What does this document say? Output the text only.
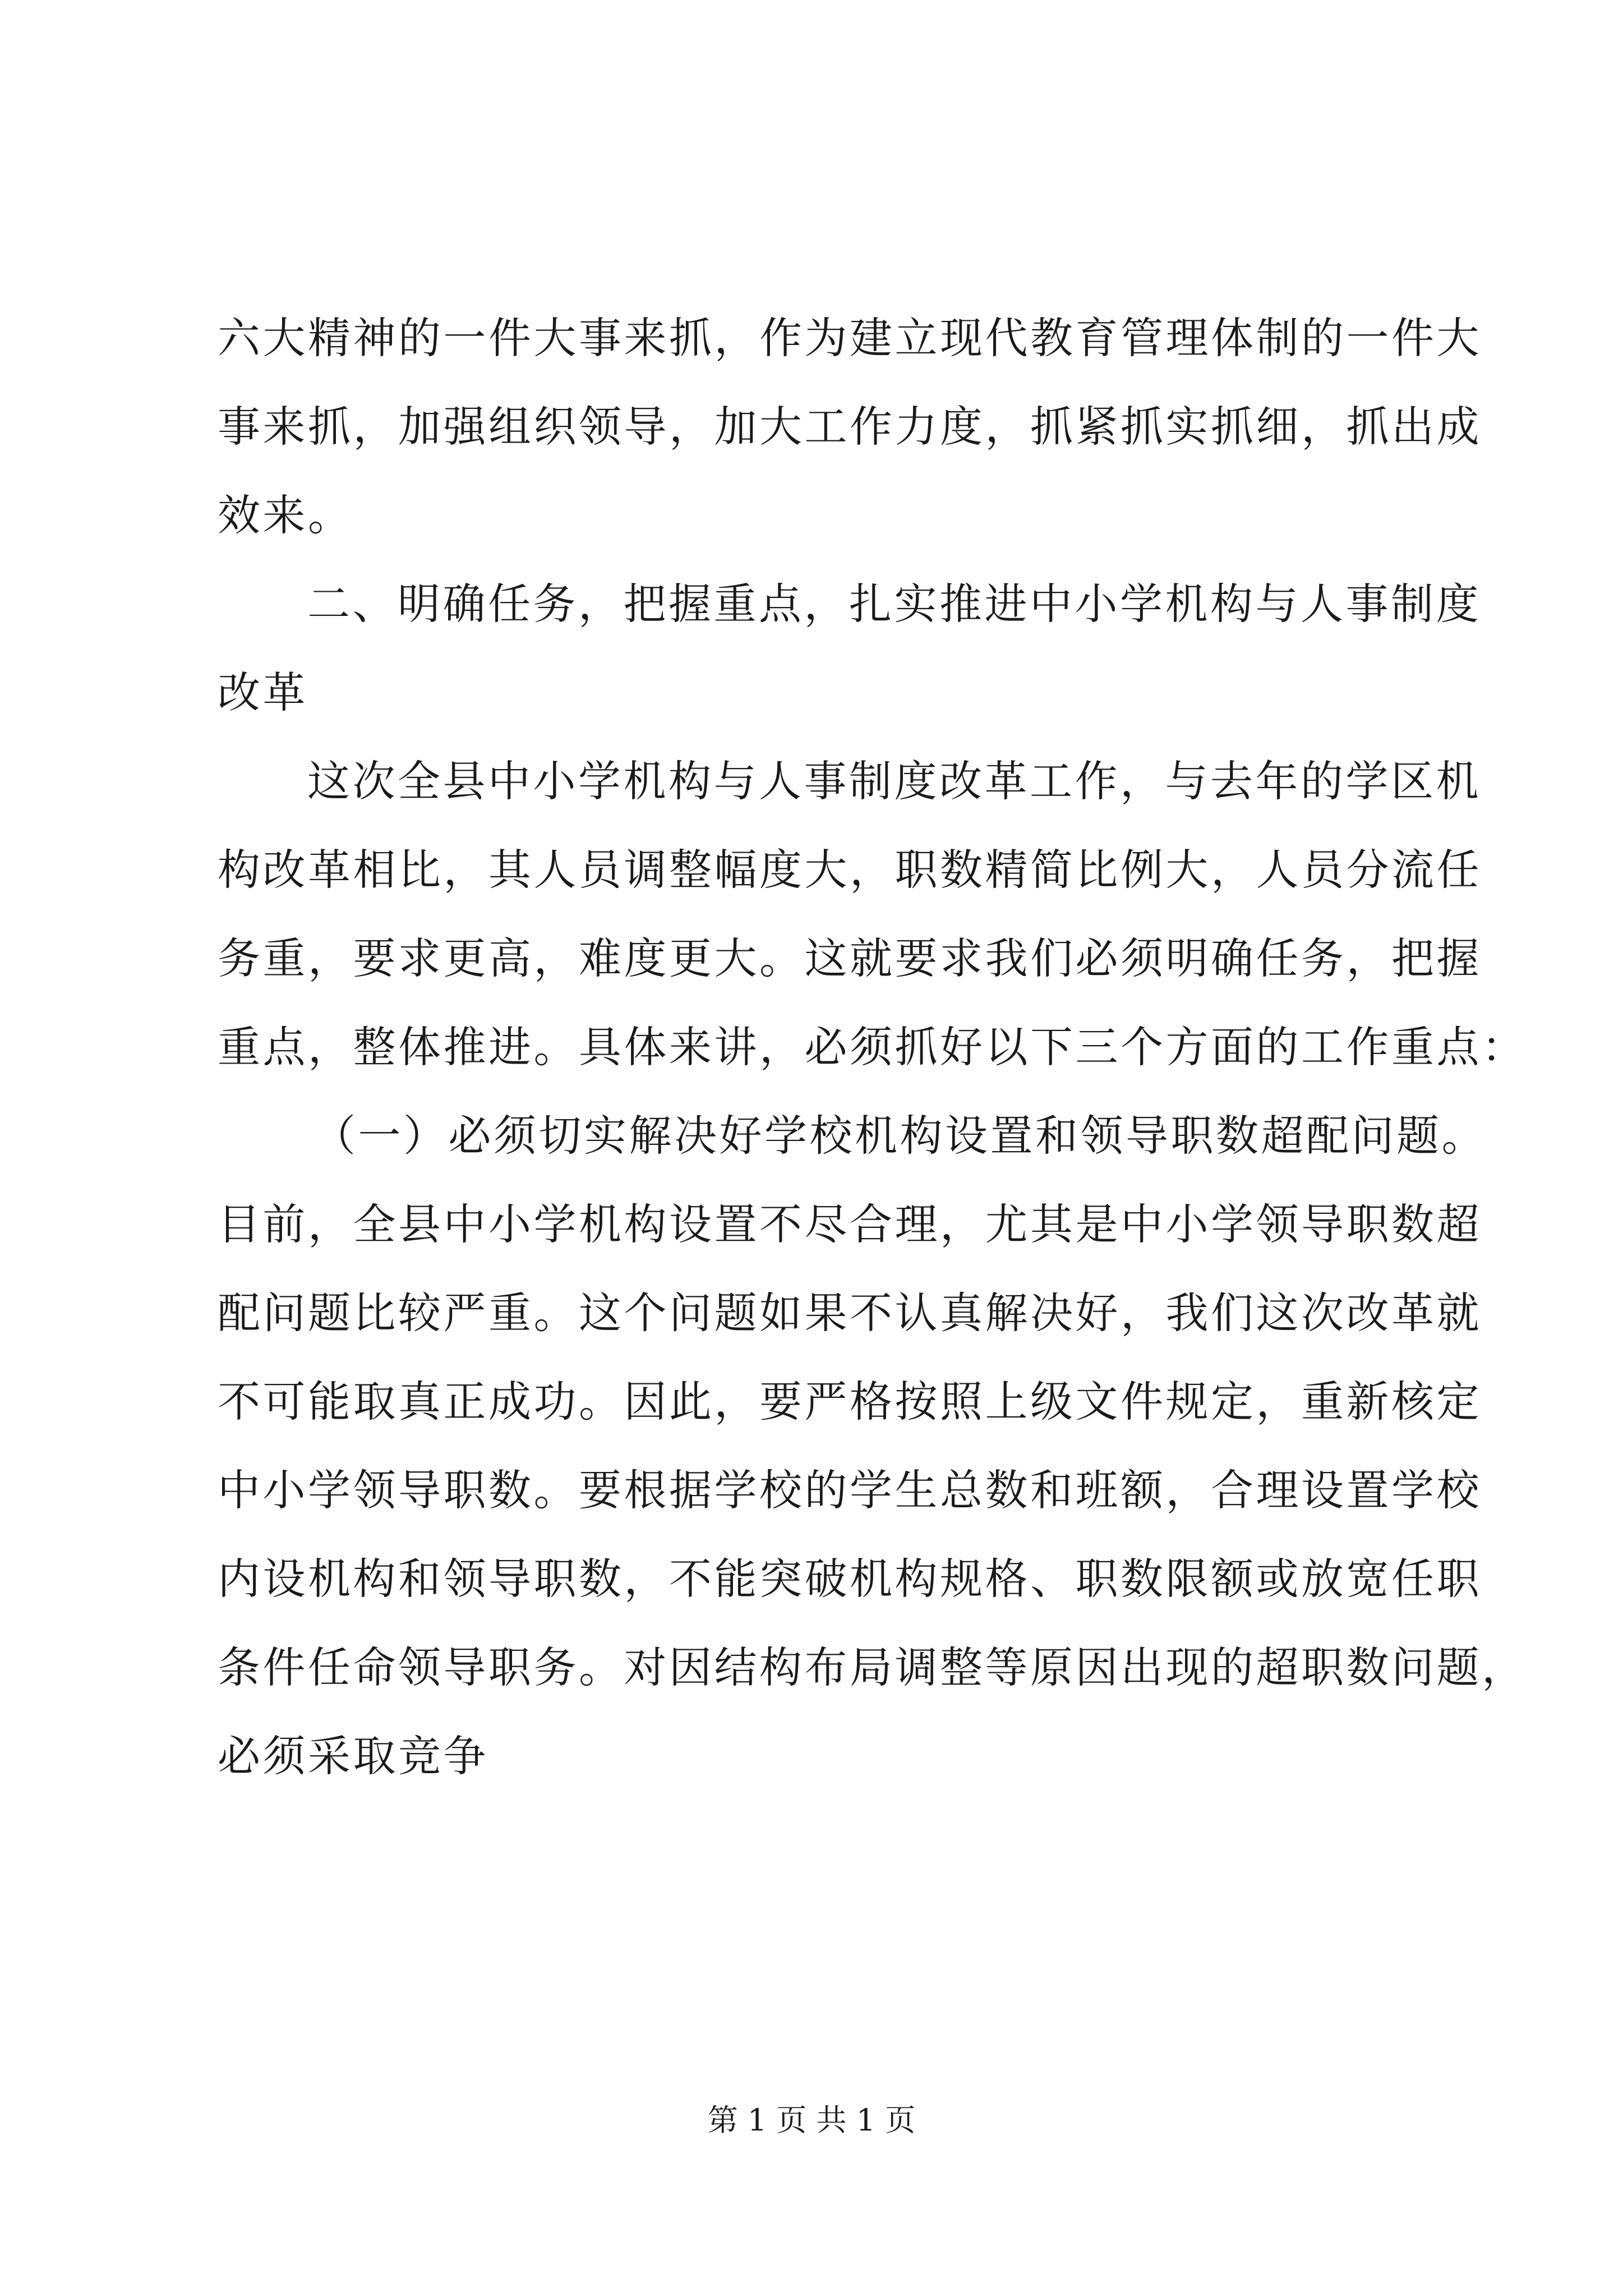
六大精神的一件大事来抓，作为建立现代教育管理体制的一件大
事来抓，加强组织领导，加大工作力度，抓紧抓实抓细，抓出成
效来。
二、明确任务，把握重点，扎实推进中小学机构与人事制度
改革
这次全县中小学机构与人事制度改革工作，与去年的学区机
构改革相比，其人员调整幅度大，职数精简比例大，人员分流任
务重，要求更高，难度更大。这就要求我们必须明确任务，把握
重点，整体推进。具体来讲，必须抓好以下三个方面的工作重点：
（一）必须切实解决好学校机构设置和领导职数超配问题。
目前，全县中小学机构设置不尽合理，尤其是中小学领导职数超
配问题比较严重。这个问题如果不认真解决好，我们这次改革就
不可能取真正成功。因此，要严格按照上级文件规定，重新核定
中小学领导职数。要根据学校的学生总数和班额，合理设置学校
内设机构和领导职数，不能突破机构规格、职数限额或放宽任职
条件任命领导职务。对因结构布局调整等原因出现的超职数问题，
必须采取竞争
第 1 页 共 1 页
